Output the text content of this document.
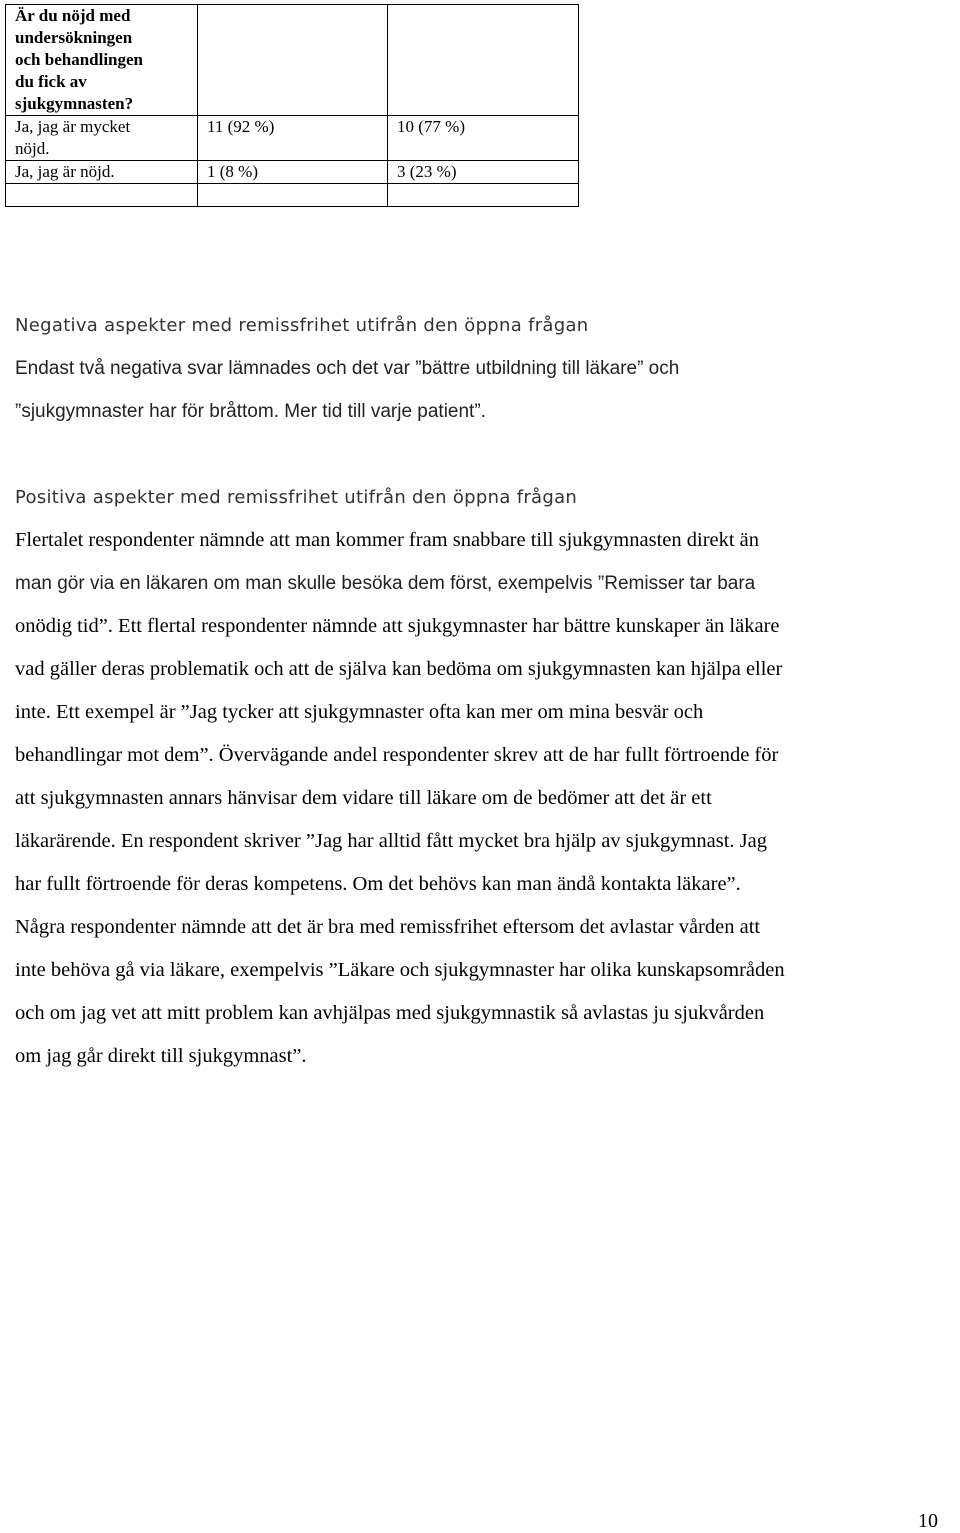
Är du nöjd med
undersökningen
och behandlingen
du fick av
sjukgymnasten?		

Ja, jag är mycket
nöjd.	11 (92 %)	10 (77 %)

Ja, jag är nöjd.	1 (8 %)	3 (23 %)

Negativa aspekter med remissfrihet utifrån den öppna frågan
Endast två negativa svar lämnades och det var ”bättre utbildning till läkare” och
”sjukgymnaster har för bråttom. Mer tid till varje patient”.
Positiva aspekter med remissfrihet utifrån den öppna frågan
Flertalet respondenter nämnde att man kommer fram snabbare till sjukgymnasten direkt än
man gör via en läkaren om man skulle besöka dem först, exempelvis ”Remisser tar bara
onödig tid”. Ett flertal respondenter nämnde att sjukgymnaster har bättre kunskaper än läkare
vad gäller deras problematik och att de själva kan bedöma om sjukgymnasten kan hjälpa eller
inte. Ett exempel är ”Jag tycker att sjukgymnaster ofta kan mer om mina besvär och
behandlingar mot dem”. Övervägande andel respondenter skrev att de har fullt förtroende för
att sjukgymnasten annars hänvisar dem vidare till läkare om de bedömer att det är ett
läkarärende. En respondent skriver ”Jag har alltid fått mycket bra hjälp av sjukgymnast. Jag
har fullt förtroende för deras kompetens. Om det behövs kan man ändå kontakta läkare”.
Några respondenter nämnde att det är bra med remissfrihet eftersom det avlastar vården att
inte behöva gå via läkare, exempelvis ”Läkare och sjukgymnaster har olika kunskapsområden
och om jag vet att mitt problem kan avhjälpas med sjukgymnastik så avlastas ju sjukvården
om jag går direkt till sjukgymnast”.
10
